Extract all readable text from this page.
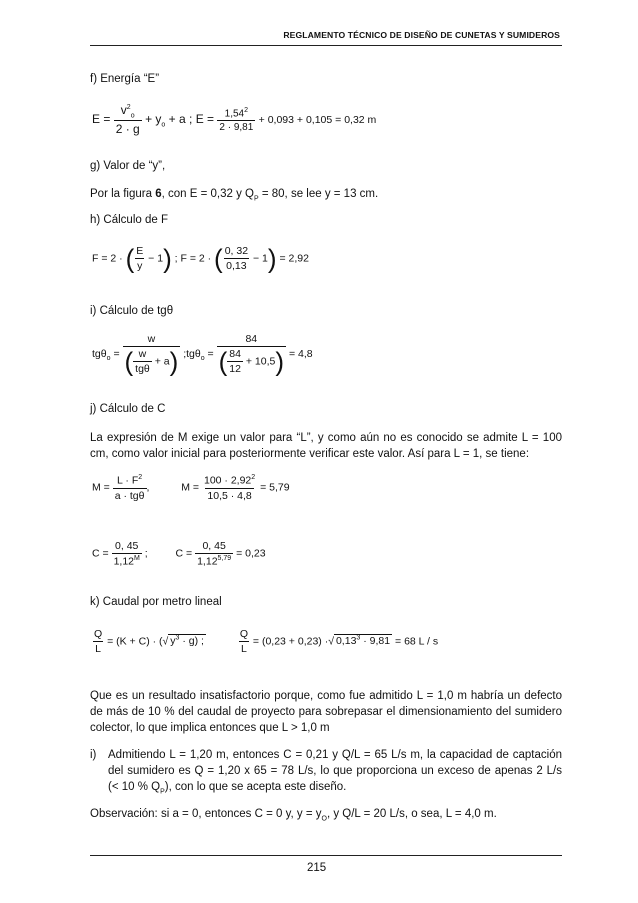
REGLAMENTO TÉCNICO DE DISEÑO DE CUNETAS Y SUMIDEROS
f) Energía “E”
$E = \frac{v^2_o}{2 \cdot g} + y_o + a$ ; $E = \frac{1,54^2}{2 \cdot 9,81} + 0,093 + 0,105 = 0,32$ m
g) Valor de “y”,
Por la figura 6, con E = 0,32 y $Q_P = 80$, se lee y = 13 cm.
h) Cálculo de F
F = 2 · ( $\frac{E}{y} - 1$) ; F = 2 · ( $\frac{0, 32}{0,13} - 1) = 2,92$
i) Cálculo de tgθ
$tg\theta_o = \frac{w}{( \frac{w}{\text{tgθ}} + a)}$ ;tgθ$_o$ = $\frac{84}{( \frac{84}{12} + 10,5)} = 4,8$
j) Cálculo de C
La expresión de M exige un valor para “L”, y como aún no es conocido se admite L = 100 cm, como valor inicial para posteriormente verificar este valor. Así para L = 1, se tiene:
$M = \frac{L \cdot F^2}{\text{a · tgθ}}$ ,	$M = \frac{100 \cdot 2,92^2}{10,5 \cdot 4,8} = 5,79$
$C = \frac{0, 45}{1,12^M}$ ;	$C = \frac{0, 45}{1,12^{5,79}} = 0,23$
k) Caudal por metro lineal
$\frac{Q}{L} = (K + C)$ · (√ $y^3 \cdot g$) ;	$\frac{Q}{L} = (0,23 + 0,23)$ ·√ $0,13^3 \cdot 9,81 = 68$ L / s
Que es un resultado insatisfactorio porque, como fue admitido L = 1,0 m habría un defecto de más de 10 % del caudal de proyecto para sobrepasar el dimensionamiento del sumidero colector, lo que implica entonces que L > 1,0 m
i) Admitiendo L = 1,20 m, entonces C = 0,21 y Q/L = 65 L/s m, la capacidad de captación del sumidero es Q = 1,20 x 65 = 78 L/s, lo que proporciona un exceso de apenas 2 L/s (< 10 % $Q_P$), con lo que se acepta este diseño.
Observación: si a = 0, entonces C = 0 y, $y = y_O$, y Q/L = 20 L/s, o sea, L = 4,0 m.
215
